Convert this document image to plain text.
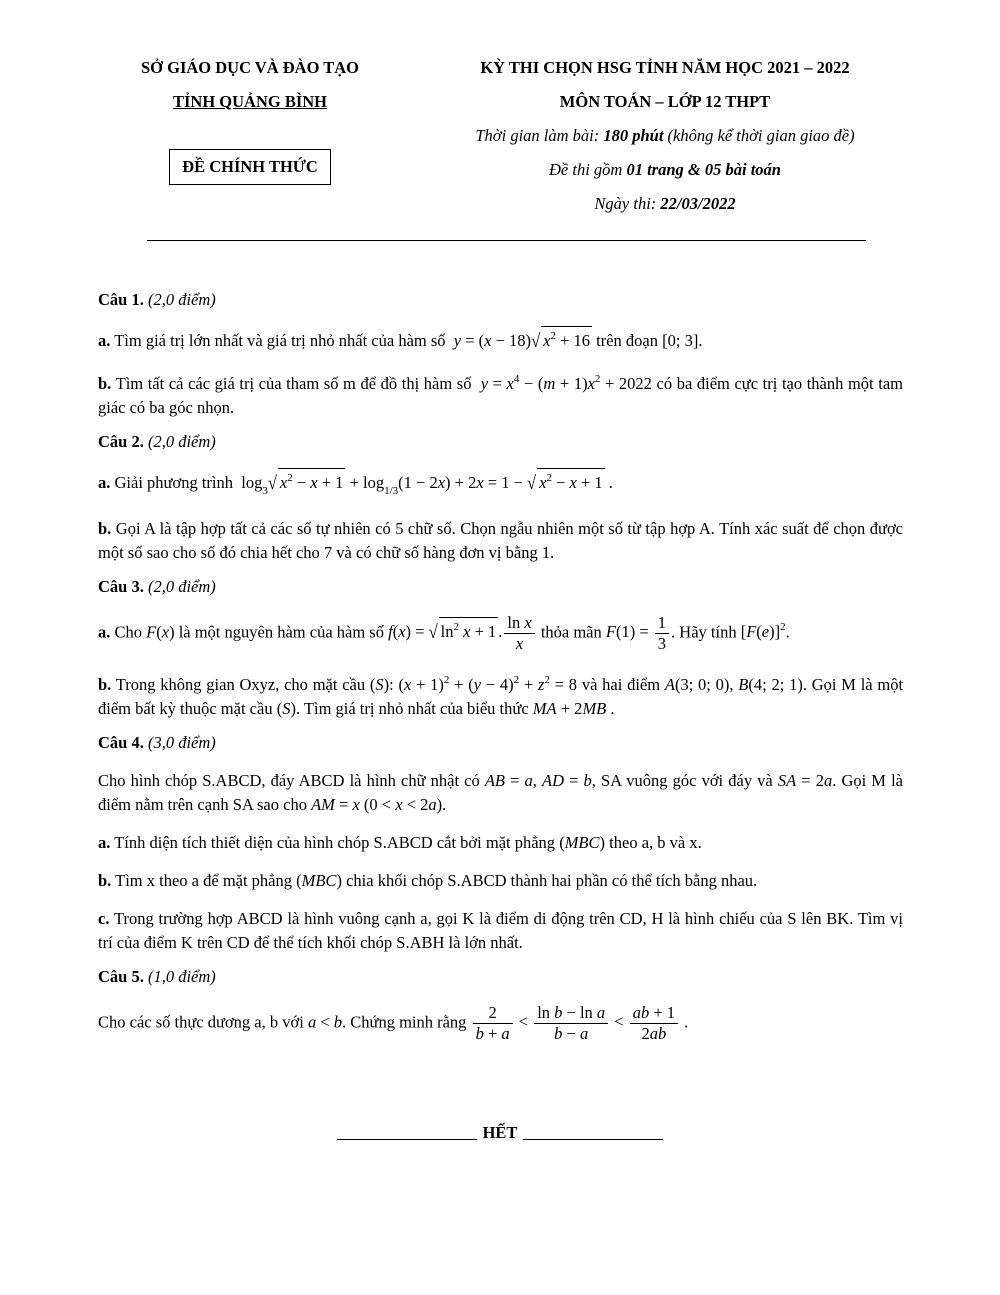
SỞ GIÁO DỤC VÀ ĐÀO TẠO
TỈNH QUẢNG BÌNH
ĐỀ CHÍNH THỨC
KỲ THI CHỌN HSG TỈNH NĂM HỌC 2021 – 2022
MÔN TOÁN – LỚP 12 THPT
Thời gian làm bài: 180 phút (không kể thời gian giao đề)
Đề thi gồm 01 trang & 05 bài toán
Ngày thi: 22/03/2022
Câu 1. (2,0 điểm)
a. Tìm giá trị lớn nhất và giá trị nhỏ nhất của hàm số y = (x − 18)√ $x^2 + 16$ trên đoạn [0; 3].
b. Tìm tất cả các giá trị của tham số m để đồ thị hàm số $y = x^4 - (m + 1)x^2 + 2022$ có ba điểm cực trị tạo thành một tam giác có ba góc nhọn.
Câu 2. (2,0 điểm)
a. Giải phương trình  $\log_3√$ $x^2 - x + 1 + \log_{1/3}(1 - 2x) + 2x = 1$ − √ $x^2 - x + 1$ .
b. Gọi A là tập hợp tất cả các số tự nhiên có 5 chữ số. Chọn ngẫu nhiên một số từ tập hợp A. Tính xác suất để chọn được một số sao cho số đó chia hết cho 7 và có chữ số hàng đơn vị bằng 1.
Câu 3. (2,0 điểm)
a. Cho F(x) là một nguyên hàm của hàm số f(x) = √ $\ln^2 x + 1$ . $\frac{\text{ln x}}{x}$ thỏa mãn $F(1) = \frac{1}{3}$ . Hãy tính $[F(e)]^2$.
b. Trong không gian Oxyz, cho mặt cầu (S): $(x + 1)^2 + (y - 4)^2 + z^2 = 8$ và hai điểm A(3; 0; 0), B(4; 2; 1). Gọi M là một điểm bất kỳ thuộc mặt cầu (S). Tìm giá trị nhỏ nhất của biểu thức MA + 2MB .
Câu 4. (3,0 điểm)
Cho hình chóp S.ABCD, đáy ABCD là hình chữ nhật có AB = a, AD = b, SA vuông góc với đáy và SA = 2a. Gọi M là điểm nằm trên cạnh SA sao cho AM = x (0 < x < 2a).
a. Tính diện tích thiết diện của hình chóp S.ABCD cắt bởi mặt phẳng (MBC) theo a, b và x.
b. Tìm x theo a để mặt phẳng (MBC) chia khối chóp S.ABCD thành hai phần có thể tích bằng nhau.
c. Trong trường hợp ABCD là hình vuông cạnh a, gọi K là điểm di động trên CD, H là hình chiếu của S lên BK. Tìm vị trí của điểm K trên CD để thể tích khối chóp S.ABH là lớn nhất.
Câu 5. (1,0 điểm)
Cho các số thực dương a, b với a < b. Chứng minh rằng $\frac{2}{b + a} < \frac{\text{ln b − ln a}}{b - a} < \frac{ab + 1}{2ab}$ .
HẾT
